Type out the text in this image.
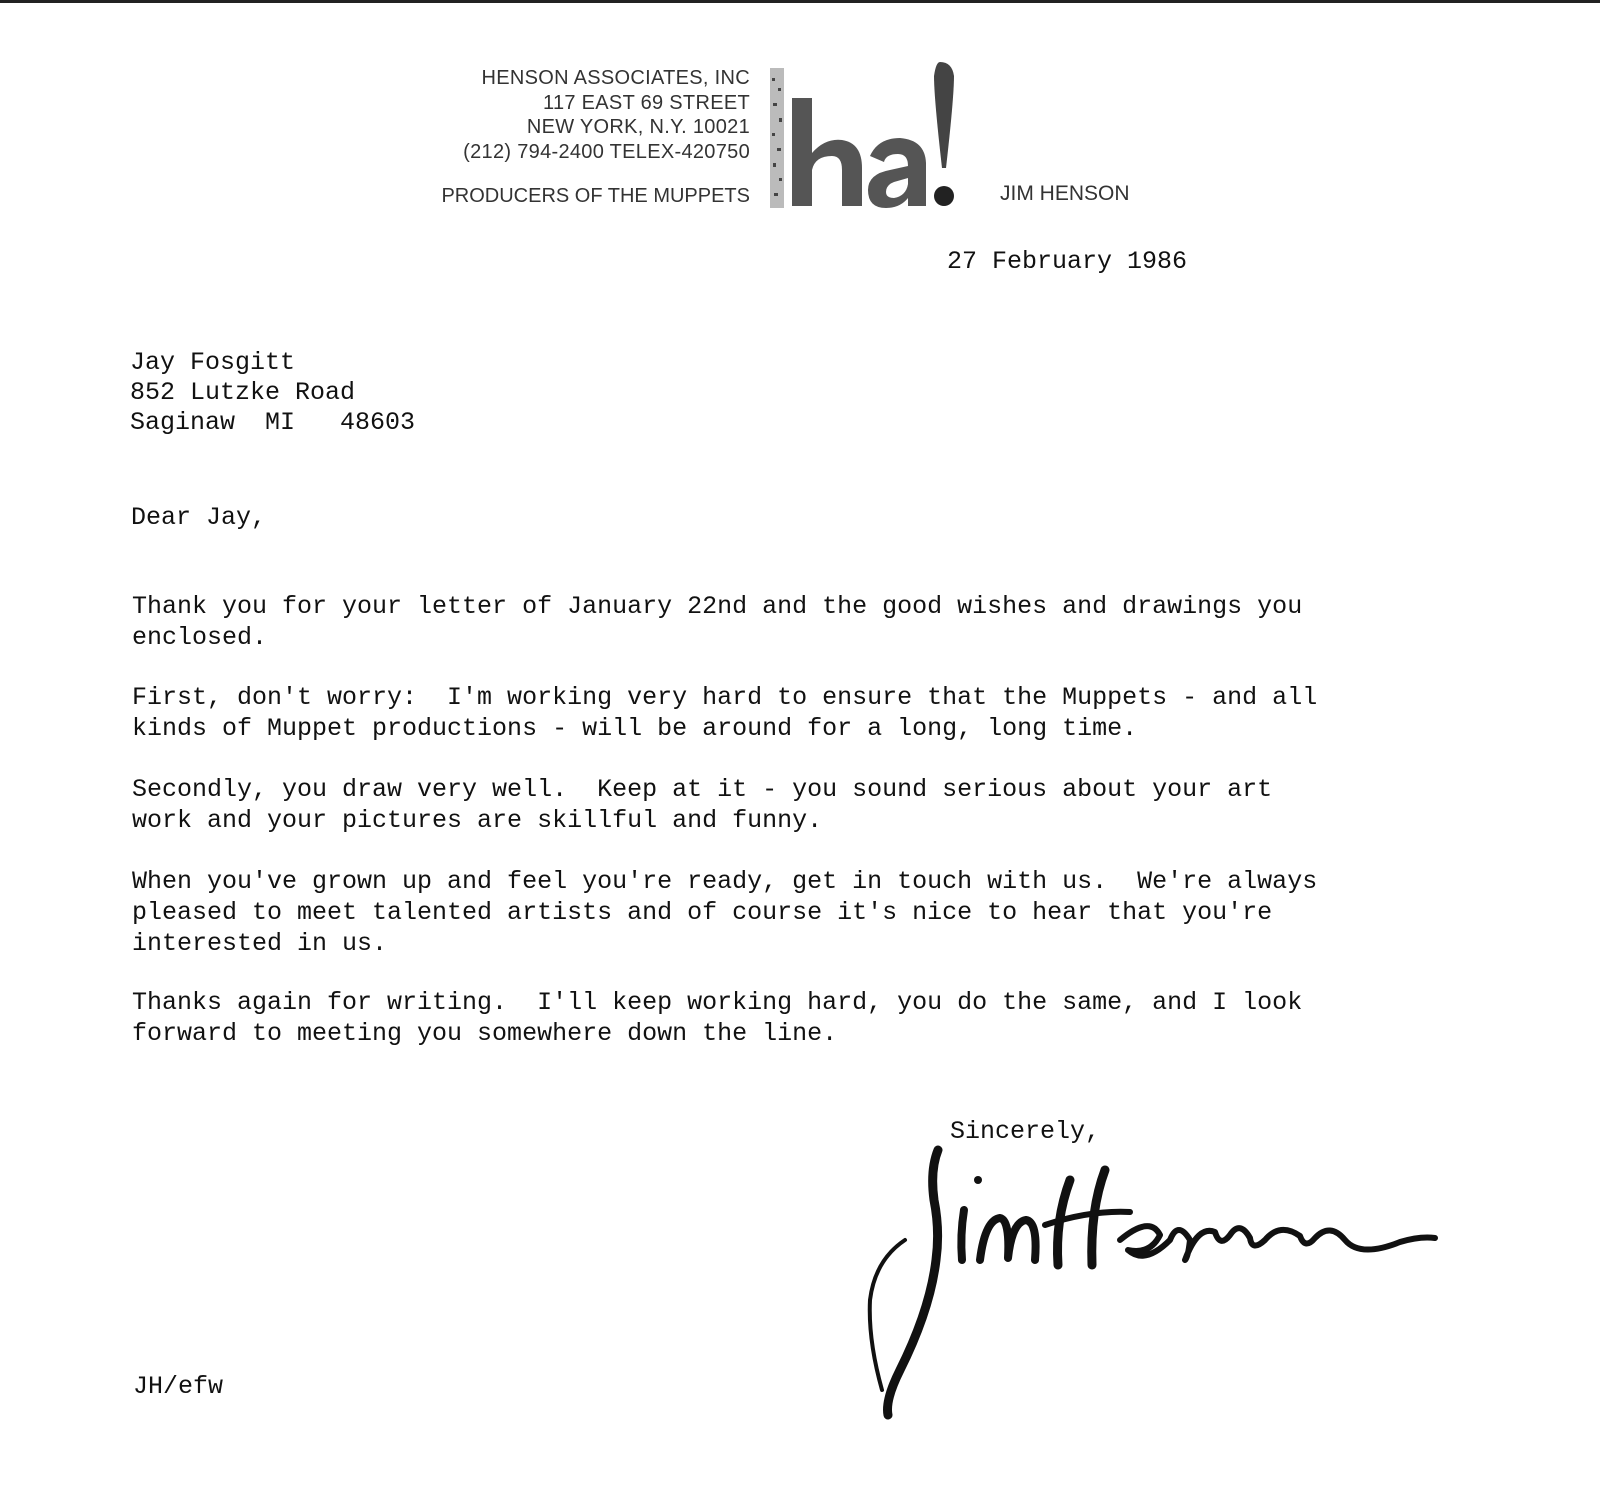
HENSON ASSOCIATES, INC
117 EAST 69 STREET
NEW YORK, N.Y. 10021
(212) 794-2400 TELEX-420750
PRODUCERS OF THE MUPPETS	JIM HENSON
27 February 1986
Jay Fosgitt
852 Lutzke Road
Saginaw  MI   48603
Dear Jay,
Thank you for your letter of January 22nd and the good wishes and drawings you
enclosed.
First, don't worry:  I'm working very hard to ensure that the Muppets - and all
kinds of Muppet productions - will be around for a long, long time.
Secondly, you draw very well.  Keep at it - you sound serious about your art
work and your pictures are skillful and funny.
When you've grown up and feel you're ready, get in touch with us.  We're always
pleased to meet talented artists and of course it's nice to hear that you're
interested in us.
Thanks again for writing.  I'll keep working hard, you do the same, and I look
forward to meeting you somewhere down the line.
Sincerely,
JH/efw
